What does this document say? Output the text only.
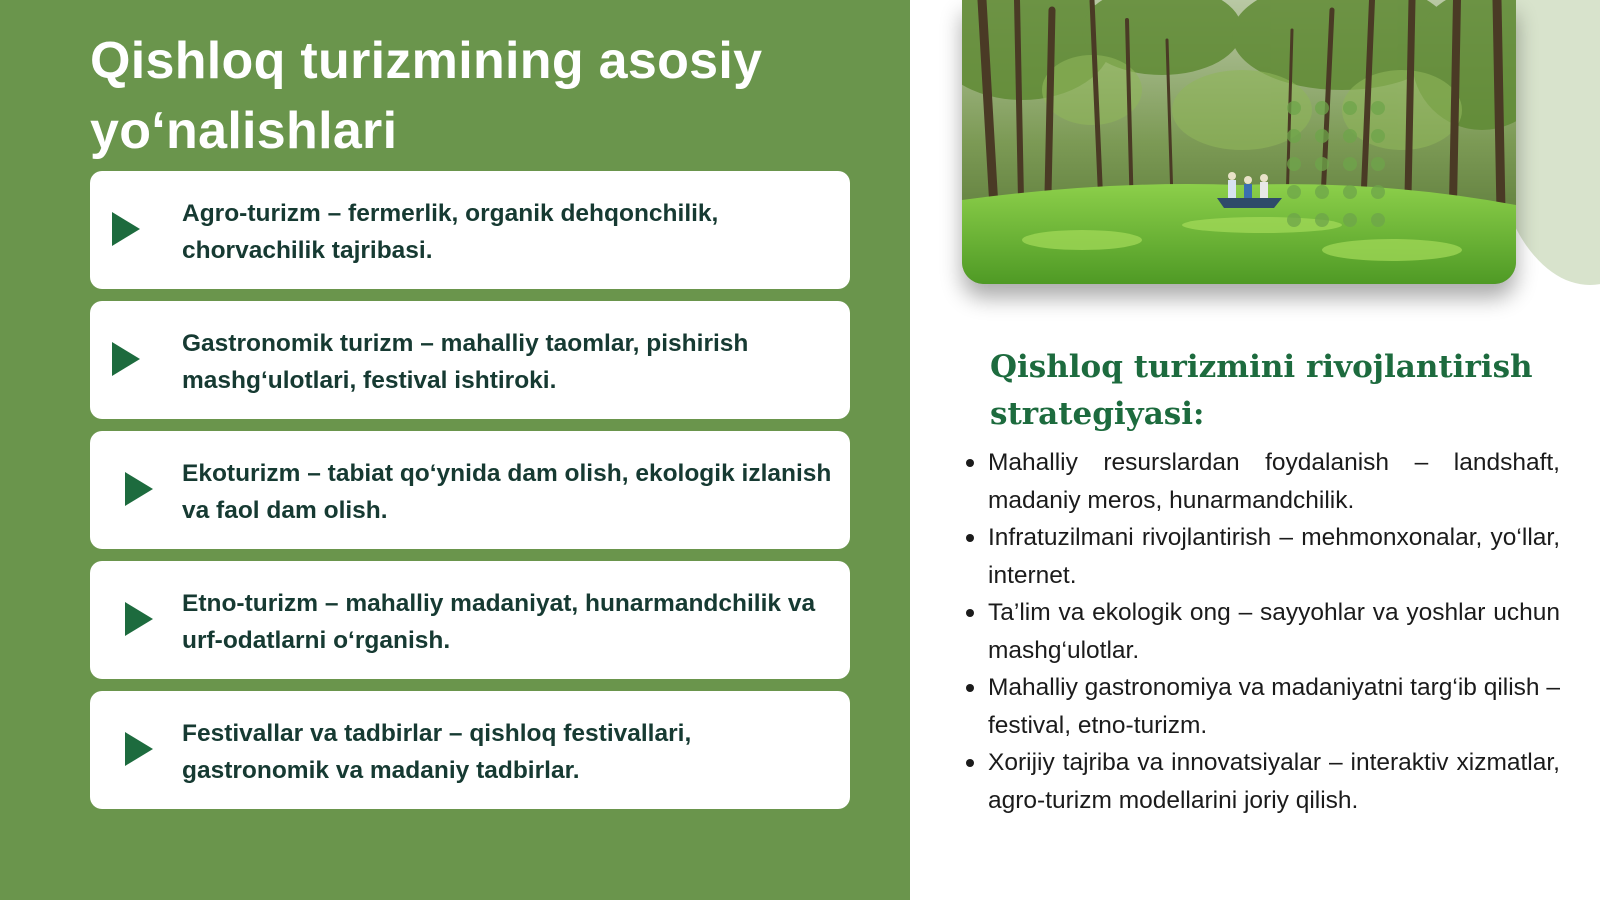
Qishloq turizmining asosiy yo‘nalishlari
Agro-turizm – fermerlik, organik dehqonchilik, chorvachilik tajribasi.
Gastronomik turizm – mahalliy taomlar, pishirish mashg‘ulotlari, festival ishtiroki.
Ekoturizm – tabiat qo‘ynida dam olish, ekologik izlanish va faol dam olish.
Etno-turizm – mahalliy madaniyat, hunarmandchilik va urf-odatlarni o‘rganish.
Festivallar va tadbirlar – qishloq festivallari, gastronomik va madaniy tadbirlar.
Qishloq turizmini rivojlantirish strategiyasi:
Mahalliy resurslardan foydalanish – landshaft, madaniy meros, hunarmandchilik.
Infratuzilmani rivojlantirish – mehmonxonalar, yo‘llar, internet.
Ta’lim va ekologik ong – sayyohlar va yoshlar uchun mashg‘ulotlar.
Mahalliy gastronomiya va madaniyatni targ‘ib qilish – festival, etno-turizm.
Xorijiy tajriba va innovatsiyalar – interaktiv xizmatlar, agro-turizm modellarini joriy qilish.
